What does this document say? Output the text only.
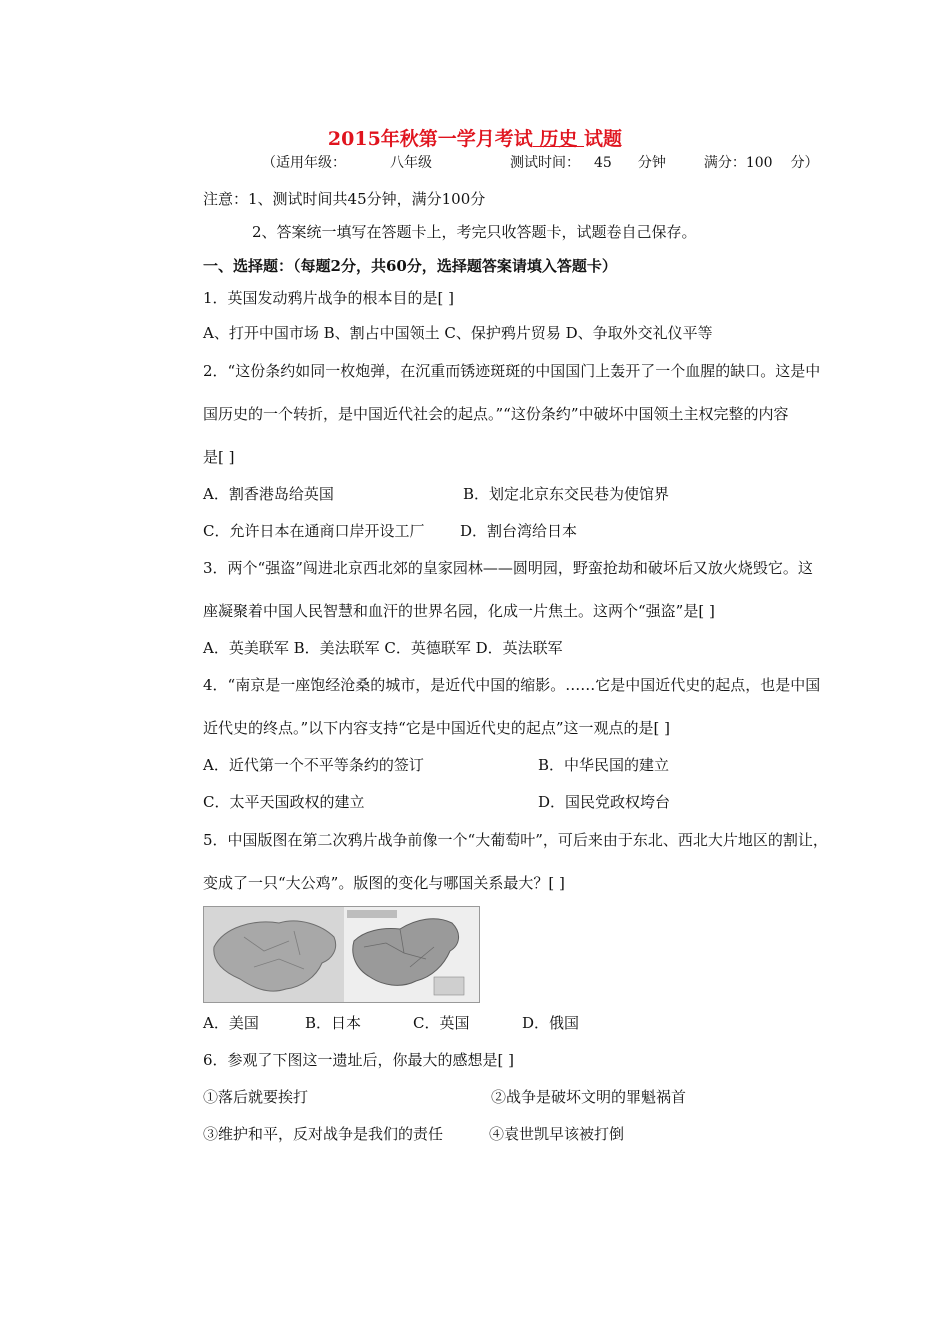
2015年秋第一学月考试 历史 试题
（适用年级：	八年级	测试时间： 45 分钟	满分：100 分）
注意：1、测试时间共45分钟，满分100分
2、答案统一填写在答题卡上，考完只收答题卡，试题卷自己保存。
一、选择题：（每题2分，共60分，选择题答案请填入答题卡）
1．英国发动鸦片战争的根本目的是[ ]
A、打开中国市场 B、割占中国领土 C、保护鸦片贸易 D、争取外交礼仪平等
2．“这份条约如同一枚炮弹，在沉重而锈迹斑斑的中国国门上轰开了一个血腥的缺口。这是中
国历史的一个转折，是中国近代社会的起点。”“这份条约”中破坏中国领土主权完整的内容
是[ ]
A．割香港岛给英国	B．划定北京东交民巷为使馆界
C．允许日本在通商口岸开设工厂 D．割台湾给日本
3．两个“强盗”闯进北京西北郊的皇家园林——圆明园，野蛮抢劫和破坏后又放火烧毁它。这
座凝聚着中国人民智慧和血汗的世界名园，化成一片焦土。这两个“强盗”是[ ]
A．英美联军 B．美法联军 C．英德联军 D．英法联军
4．“南京是一座饱经沧桑的城市，是近代中国的缩影。……它是中国近代史的起点，也是中国
近代史的终点。”以下内容支持“它是中国近代史的起点”这一观点的是[ ]
A．近代第一个不平等条约的签订	B．中华民国的建立
C．太平天国政权的建立	D．国民党政权垮台
5．中国版图在第二次鸦片战争前像一个“大葡萄叶”，可后来由于东北、西北大片地区的割让，
变成了一只“大公鸡”。版图的变化与哪国关系最大？[ ]
A．美国	B．日本	C．英国	D．俄国
6．参观了下图这一遗址后，你最大的感想是[ ]
①落后就要挨打	②战争是破坏文明的罪魁祸首
③维护和平，反对战争是我们的责任	④袁世凯早该被打倒
